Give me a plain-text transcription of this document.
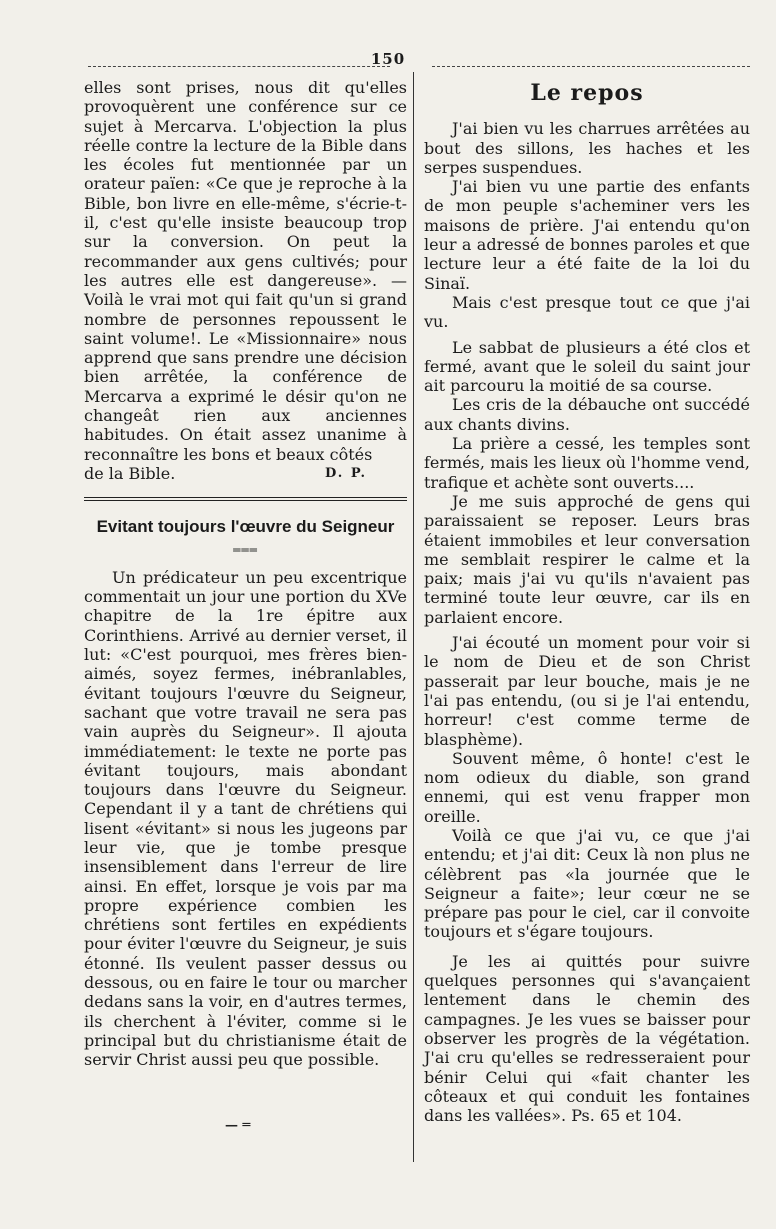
150

elles sont prises, nous dit qu'elles provoquèrent une conférence sur ce sujet à Mercarva. L'objection la plus réelle contre la lecture de la Bible dans les écoles fut mentionnée par un orateur païen: «Ce que je reproche à la Bible, bon livre en elle-même, s'écrie-t-il, c'est qu'elle insiste beaucoup trop sur la conversion. On peut la recommander aux gens cultivés; pour les autres elle est dangereuse». — Voilà le vrai mot qui fait qu'un si grand nombre de personnes repoussent le saint volume!. Le «Missionnaire» nous apprend que sans prendre une décision bien arrêtée, la conférence de Mercarva a exprimé le désir qu'on ne changeât rien aux anciennes habitudes. On était assez unanime à reconnaître les bons et beaux côtés

de la Bible.	D. P.
Evitant toujours l'œuvre du Seigneur
═══

Un prédicateur un peu excentrique commentait un jour une portion du XVe chapitre de la 1re épitre aux Corinthiens. Arrivé au dernier verset, il lut: «C'est pourquoi, mes frères bien-aimés, soyez fermes, inébranlables, évitant toujours l'œuvre du Seigneur, sachant que votre travail ne sera pas vain auprès du Seigneur». Il ajouta immédiatement: le texte ne porte pas évitant toujours, mais abondant toujours dans l'œuvre du Seigneur. Cependant il y a tant de chrétiens qui lisent «évitant» si nous les jugeons par leur vie, que je tombe presque insensiblement dans l'erreur de lire ainsi. En effet, lorsque je vois par ma propre expérience combien les chrétiens sont fertiles en expédients pour éviter l'œuvre du Seigneur, je suis étonné. Ils veulent passer dessus ou dessous, ou en faire le tour ou marcher dedans sans la voir, en d'autres termes, ils cherchent à l'éviter, comme si le principal but du christianisme était de servir Christ aussi peu que possible.

Le repos

J'ai bien vu les charrues arrêtées au bout des sillons, les haches et les serpes suspendues.

J'ai bien vu une partie des enfants de mon peuple s'acheminer vers les maisons de prière. J'ai entendu qu'on leur a adressé de bonnes paroles et que lecture leur a été faite de la loi du Sinaï.

Mais c'est presque tout ce que j'ai vu.

Le sabbat de plusieurs a été clos et fermé, avant que le soleil du saint jour ait parcouru la moitié de sa course.

Les cris de la débauche ont succédé aux chants divins.

La prière a cessé, les temples sont fermés, mais les lieux où l'homme vend, trafique et achète sont ouverts....

Je me suis approché de gens qui paraissaient se reposer. Leurs bras étaient immobiles et leur conversation me semblait respirer le calme et la paix; mais j'ai vu qu'ils n'avaient pas terminé toute leur œuvre, car ils en parlaient encore.

J'ai écouté un moment pour voir si le nom de Dieu et de son Christ passerait par leur bouche, mais je ne l'ai pas entendu, (ou si je l'ai entendu, horreur! c'est comme terme de blasphème).

Souvent même, ô honte! c'est le nom odieux du diable, son grand ennemi, qui est venu frapper mon oreille.

Voilà ce que j'ai vu, ce que j'ai entendu; et j'ai dit: Ceux là non plus ne célèbrent pas «la journée que le Seigneur a faite»; leur cœur ne se prépare pas pour le ciel, car il convoite toujours et s'égare toujours.

Je les ai quittés pour suivre quelques personnes qui s'avançaient lentement dans le chemin des campagnes. Je les vues se baisser pour observer les progrès de la végétation. J'ai cru qu'elles se redresseraient pour bénir Celui qui «fait chanter les côteaux et qui conduit les fontaines dans les vallées». Ps. 65 et 104.

— ═
